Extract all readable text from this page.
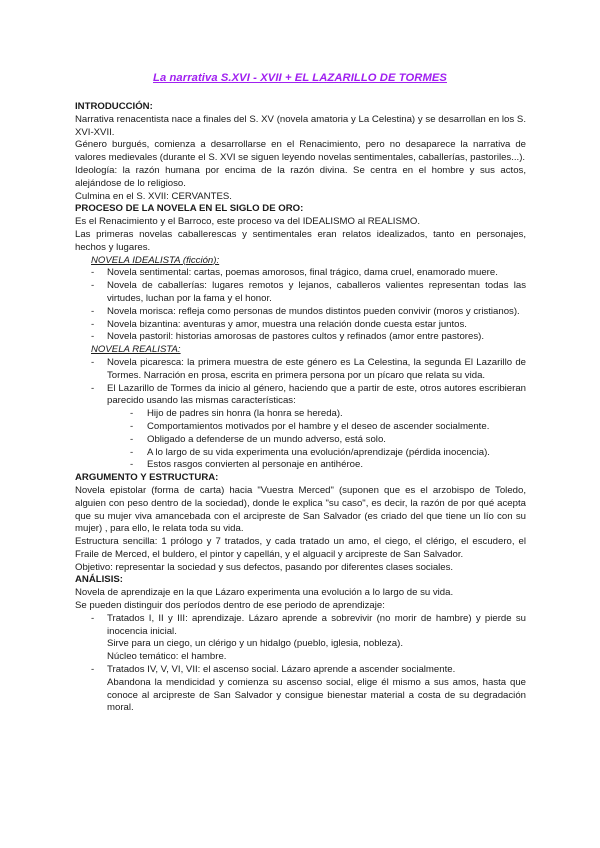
La narrativa S.XVI - XVII + EL LAZARILLO DE TORMES
INTRODUCCIÓN:

Narrativa renacentista nace a finales del S. XV (novela amatoria y La Celestina) y se desarrollan en los S. XVI-XVII.

Género burgués, comienza a desarrollarse en el Renacimiento, pero no desaparece la narrativa de valores medievales (durante el S. XVI se siguen leyendo novelas sentimentales, caballerías, pastoriles...).

Ideología: la razón humana por encima de la razón divina. Se centra en el hombre y sus actos, alejándose de lo religioso.

Culmina en el S. XVII: CERVANTES.

PROCESO DE LA NOVELA EN EL SIGLO DE ORO:

Es el Renacimiento y el Barroco, este proceso va del IDEALISMO al REALISMO.

Las primeras novelas caballerescas y sentimentales eran relatos idealizados, tanto en personajes, hechos y lugares.

NOVELA IDEALISTA (ficción):
- Novela sentimental: cartas, poemas amorosos, final trágico, dama cruel, enamorado muere.
- Novela de caballerías: lugares remotos y lejanos, caballeros valientes representan todas las virtudes, luchan por la fama y el honor.
- Novela morisca: refleja como personas de mundos distintos pueden convivir (moros y cristianos).
- Novela bizantina: aventuras y amor, muestra una relación donde cuesta estar juntos.
- Novela pastoril: historias amorosas de pastores cultos y refinados (amor entre pastores).
NOVELA REALISTA:
- Novela picaresca: la primera muestra de este género es La Celestina, la segunda El Lazarillo de Tormes. Narración en prosa, escrita en primera persona por un pícaro que relata su vida.
- El Lazarillo de Tormes da inicio al género, haciendo que a partir de este, otros autores escribieran parecido usando las mismas características:
- Hijo de padres sin honra (la honra se hereda).
- Comportamientos motivados por el hambre y el deseo de ascender socialmente.
- Obligado a defenderse de un mundo adverso, está solo.
- A lo largo de su vida experimenta una evolución/aprendizaje (pérdida inocencia).
- Estos rasgos convierten al personaje en antihéroe.
ARGUMENTO Y ESTRUCTURA:

Novela epistolar (forma de carta) hacia "Vuestra Merced" (suponen que es el arzobispo de Toledo, alguien con peso dentro de la sociedad), donde le explica "su caso", es decir, la razón de por qué acepta que su mujer viva amancebada con el arcipreste de San Salvador (es criado del que tiene un lío con su mujer) , para ello, le relata toda su vida.

Estructura sencilla: 1 prólogo y 7 tratados, y cada tratado un amo, el ciego, el clérigo, el escudero, el Fraile de Merced, el buldero, el pintor y capellán, y el alguacil y arcipreste de San Salvador.

Objetivo: representar la sociedad y sus defectos, pasando por diferentes clases sociales.

ANÁLISIS:

Novela de aprendizaje en la que Lázaro experimenta una evolución a lo largo de su vida.

Se pueden distinguir dos períodos dentro de ese periodo de aprendizaje:

- Tratados I, II y III: aprendizaje. Lázaro aprende a sobrevivir (no morir de hambre) y pierde su inocencia inicial.
Sirve para un ciego, un clérigo y un hidalgo (pueblo, iglesia, nobleza).
Núcleo temático: el hambre.
- Tratados IV, V, VI, VII: el ascenso social. Lázaro aprende a ascender socialmente.
Abandona la mendicidad y comienza su ascenso social, elige él mismo a sus amos, hasta que conoce al arcipreste de San Salvador y consigue bienestar material a costa de su degradación moral.
